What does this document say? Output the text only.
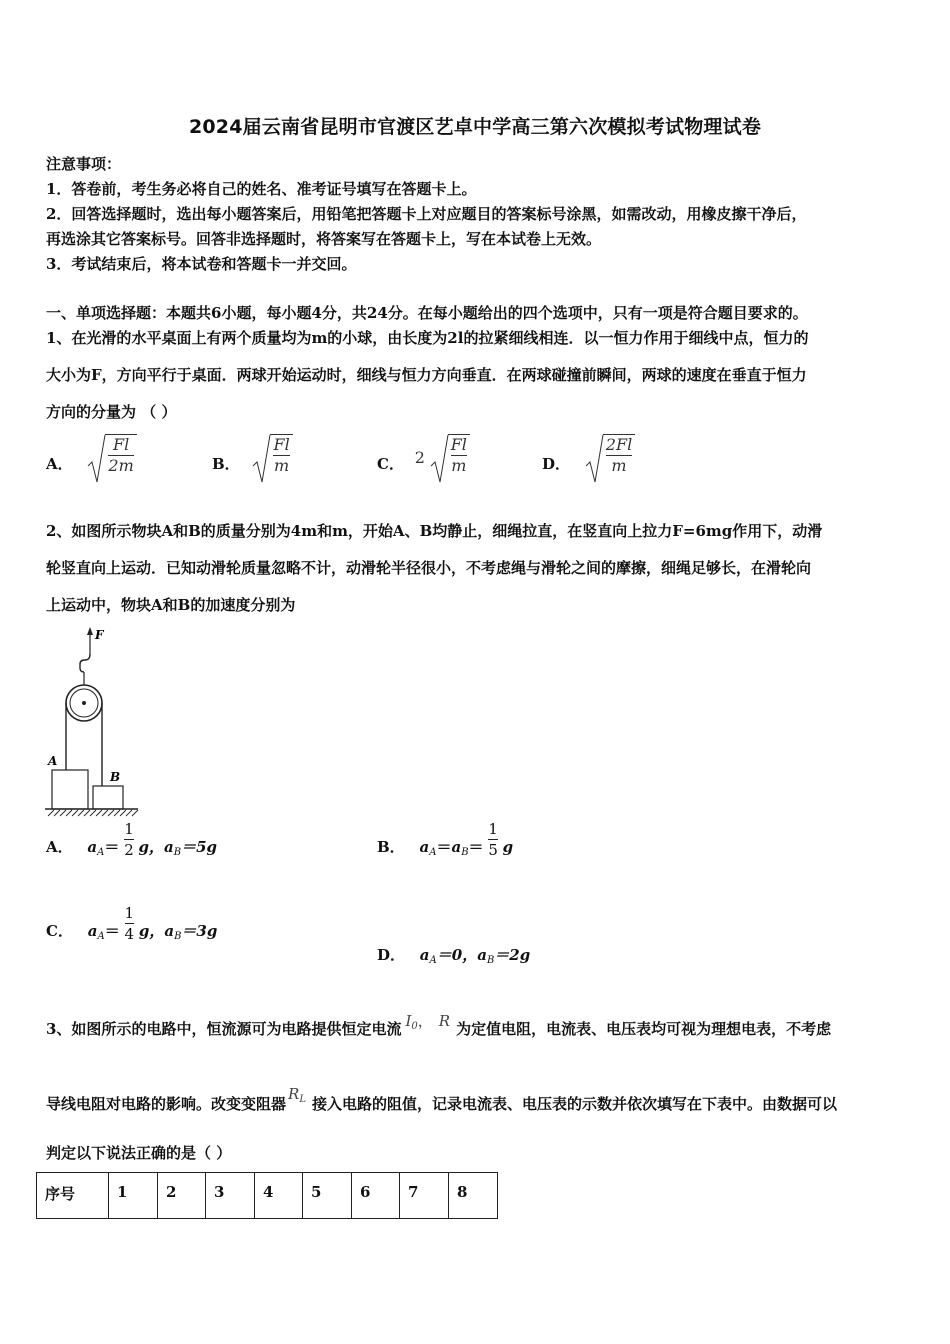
2024届云南省昆明市官渡区艺卓中学高三第六次模拟考试物理试卷
注意事项：
1．答卷前，考生务必将自己的姓名、准考证号填写在答题卡上。
2．回答选择题时，选出每小题答案后，用铅笔把答题卡上对应题目的答案标号涂黑，如需改动，用橡皮擦干净后，
再选涂其它答案标号。回答非选择题时，将答案写在答题卡上，写在本试卷上无效。
3．考试结束后，将本试卷和答题卡一并交回。
一、单项选择题：本题共6小题，每小题4分，共24分。在每小题给出的四个选项中，只有一项是符合题目要求的。
1、在光滑的水平桌面上有两个质量均为m的小球，由长度为2l的拉紧细线相连．以一恒力作用于细线中点，恒力的
大小为F，方向平行于桌面．两球开始运动时，细线与恒力方向垂直．在两球碰撞前瞬间，两球的速度在垂直于恒力
方向的分量为 （ ）
A． $\frac{Fl}{2m}$	B． $\frac{Fl}{m}$	C． $2 \frac{Fl}{m}$	D． $\frac{2Fl}{m}$
2、如图所示物块A和B的质量分别为4m和m，开始A、B均静止，细绳拉直，在竖直向上拉力F=6mg作用下，动滑
轮竖直向上运动．已知动滑轮质量忽略不计，动滑轮半径很小，不考虑绳与滑轮之间的摩擦，细绳足够长，在滑轮向
上运动中，物块A和B的加速度分别为
F
A
B
A． $a_A= \frac{1}{2}$ g，$a_B=5g$	B． $a_A=a_B= \frac{1}{5}$ g
C． $a_A= \frac{1}{4}$ g，$a_B=3g$
D． $a_A=0$，$a_B=2g$
3、如图所示的电路中，恒流源可为电路提供恒定电流 $I_0$， R 为定值电阻，电流表、电压表均可视为理想电表，不考虑
导线电阻对电路的影响。改变变阻器$R_L$ 接入电路的阻值，记录电流表、电压表的示数并依次填写在下表中。由数据可以
判定以下说法正确的是（ ）
序号	1	2	3	4	5	6	7	8
